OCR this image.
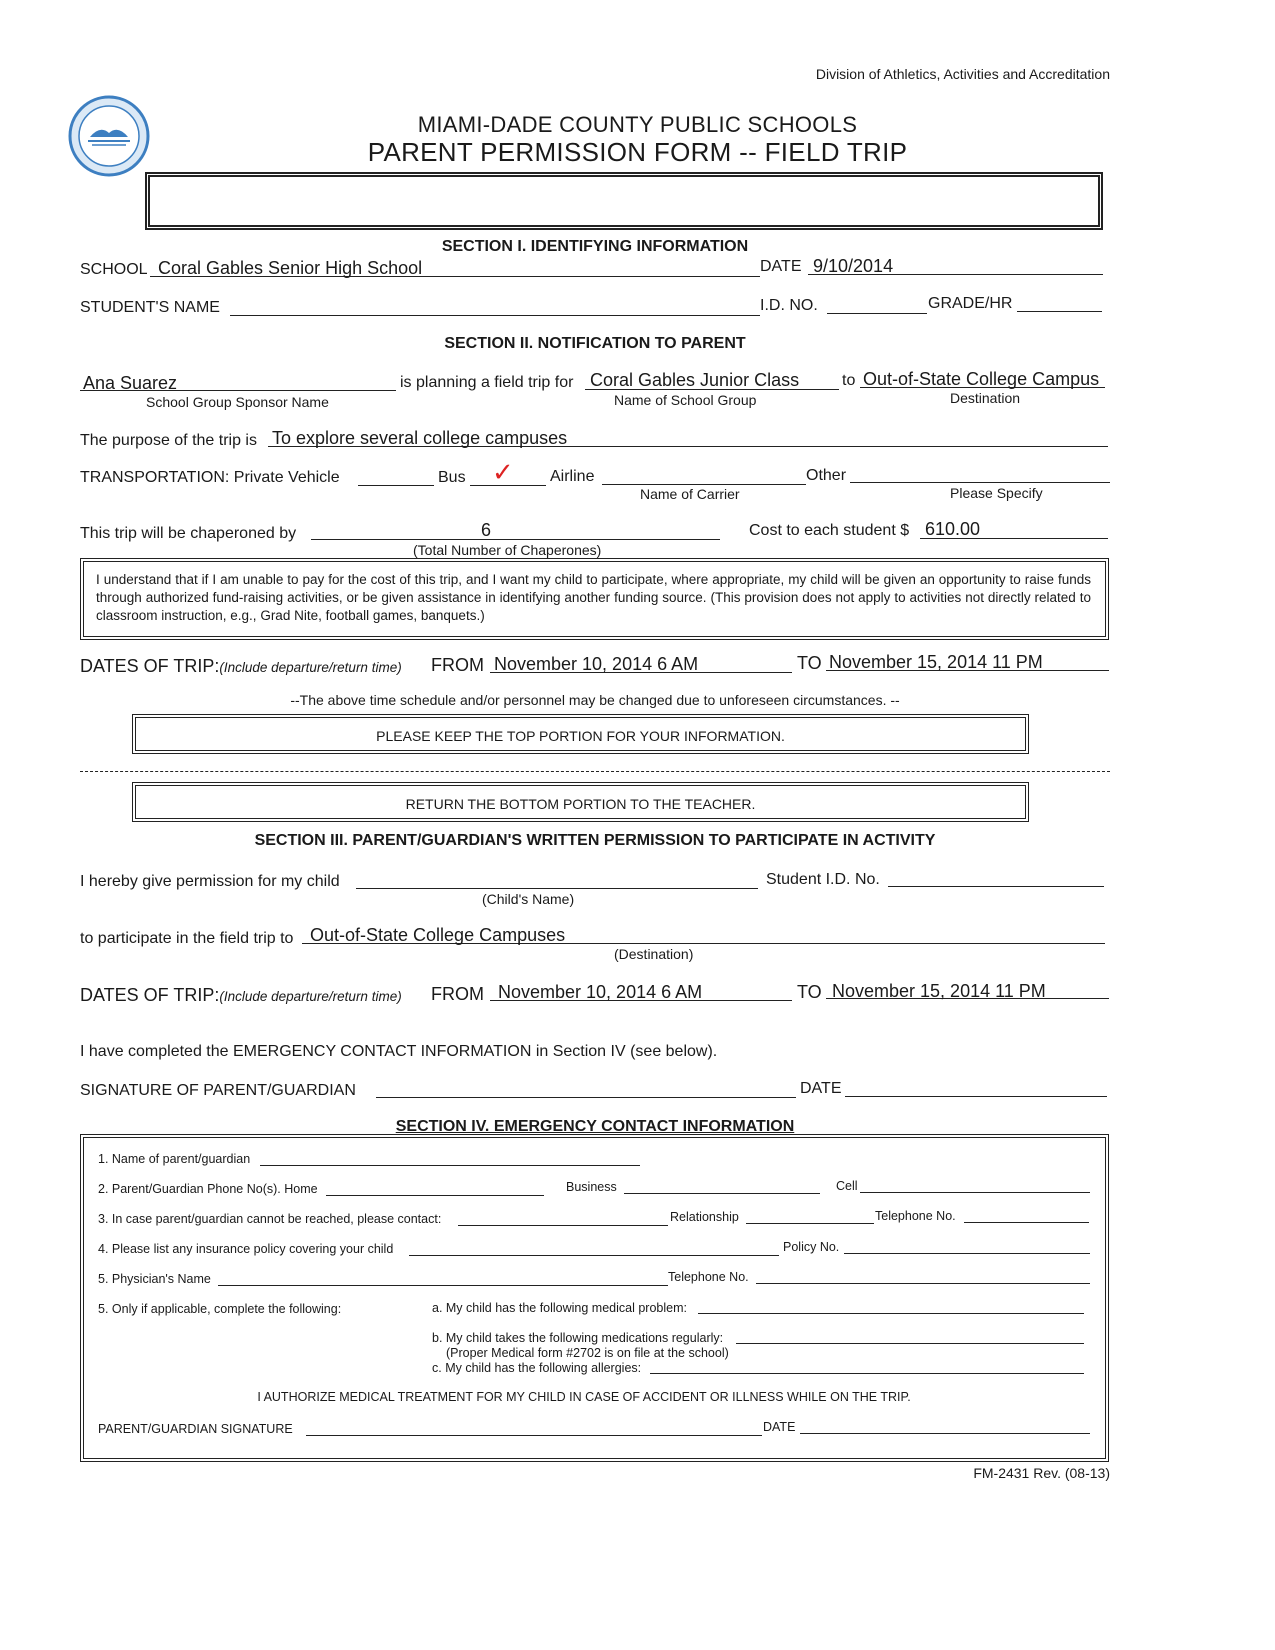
Division of Athletics, Activities and Accreditation
MIAMI-DADE COUNTY PUBLIC SCHOOLS
PARENT PERMISSION FORM -- FIELD TRIP
SECTION I. IDENTIFYING INFORMATION
SCHOOL Coral Gables Senior High School	DATE 9/10/2014
STUDENT'S NAME	I.D. NO.	GRADE/HR
SECTION II. NOTIFICATION TO PARENT
Ana Suarez
School Group Sponsor Name
is planning a field trip for Coral Gables Junior Class
Name of School Group
to Out-of-State College Campus
Destination
The purpose of the trip is To explore several college campuses
TRANSPORTATION: Private Vehicle	Bus ✓ Airline
Name of Carrier
Other
Please Specify
This trip will be chaperoned by	6
(Total Number of Chaperones)
Cost to each student $ 610.00
I understand that if I am unable to pay for the cost of this trip, and I want my child to participate, where appropriate, my child will be given an opportunity to raise funds through authorized fund-raising activities, or be given assistance in identifying another funding source. (This provision does not apply to activities not directly related to classroom instruction, e.g., Grad Nite, football games, banquets.)
DATES OF TRIP:(Include departure/return time) FROM November 10, 2014 6 AM	TO November 15, 2014 11 PM
--The above time schedule and/or personnel may be changed due to unforeseen circumstances. --
PLEASE KEEP THE TOP PORTION FOR YOUR INFORMATION.
RETURN THE BOTTOM PORTION TO THE TEACHER.
SECTION III. PARENT/GUARDIAN'S WRITTEN PERMISSION TO PARTICIPATE IN ACTIVITY
I hereby give permission for my child
(Child's Name)
Student I.D. No.
to participate in the field trip to Out-of-State College Campuses
(Destination)
DATES OF TRIP:(Include departure/return time) FROM November 10, 2014 6 AM	TO November 15, 2014 11 PM
I have completed the EMERGENCY CONTACT INFORMATION in Section IV (see below).
SIGNATURE OF PARENT/GUARDIAN	DATE
SECTION IV. EMERGENCY CONTACT INFORMATION
1. Name of parent/guardian
2. Parent/Guardian Phone No(s). Home	Business	Cell
3. In case parent/guardian cannot be reached, please contact:	Relationship	Telephone No.
4. Please list any insurance policy covering your child	Policy No.
5. Physician's Name	Telephone No.
5. Only if applicable, complete the following:	a. My child has the following medical problem:
b. My child takes the following medications regularly:
(Proper Medical form #2702 is on file at the school)
c. My child has the following allergies:
I AUTHORIZE MEDICAL TREATMENT FOR MY CHILD IN CASE OF ACCIDENT OR ILLNESS WHILE ON THE TRIP.
PARENT/GUARDIAN SIGNATURE	DATE
FM-2431 Rev. (08-13)
